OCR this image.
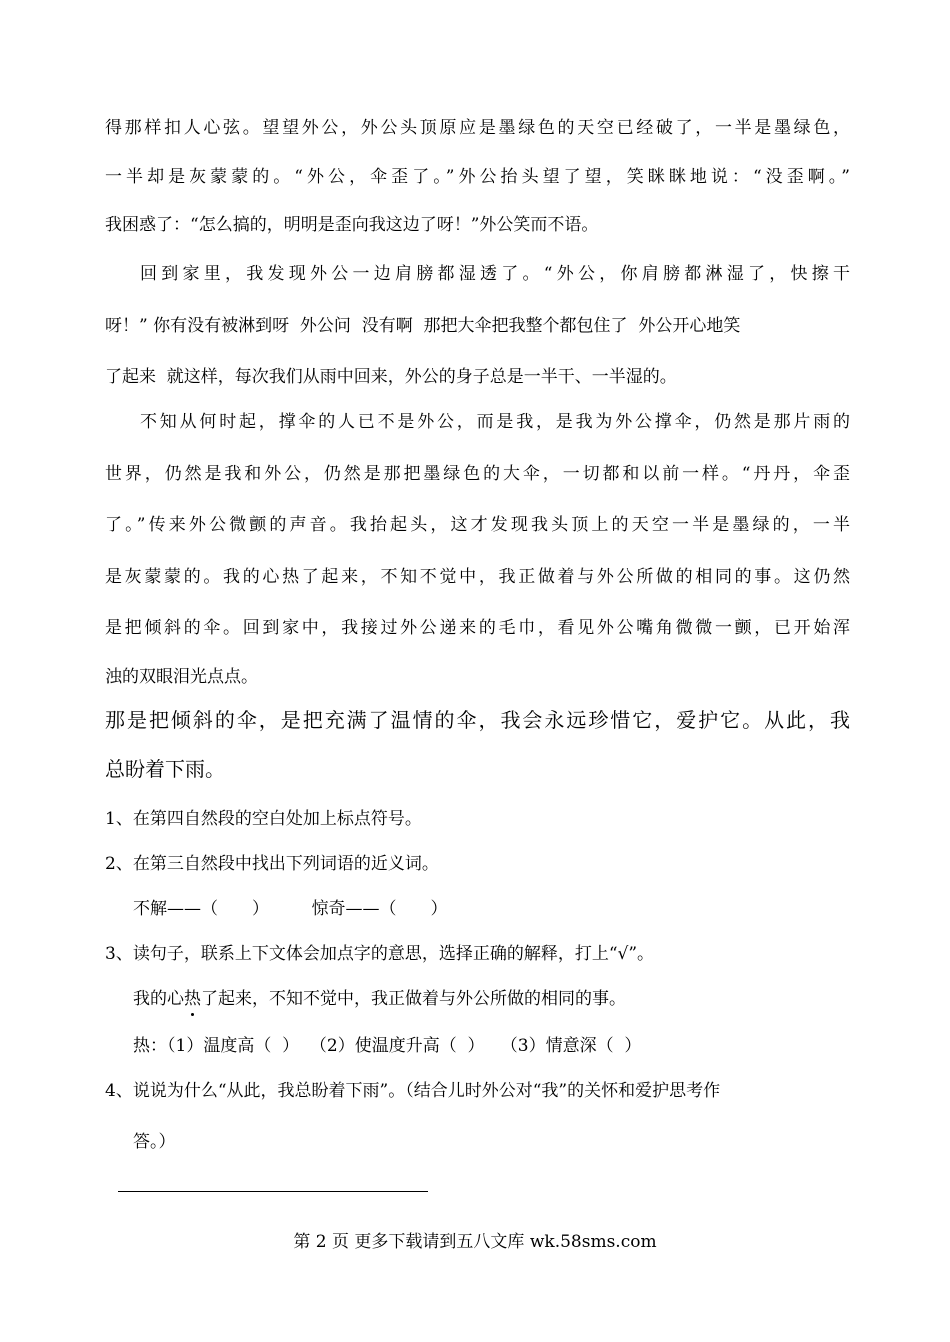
得那样扣人心弦。望望外公，外公头顶原应是墨绿色的天空已经破了，一半是墨绿色，
一半却是灰蒙蒙的。“外公，伞歪了。”外公抬头望了望，笑眯眯地说：“没歪啊。”
我困惑了：“怎么搞的，明明是歪向我这边了呀！”外公笑而不语。
回到家里，我发现外公一边肩膀都湿透了。“外公，你肩膀都淋湿了，快擦干
呀！” 你有没有被淋到呀  外公问  没有啊  那把大伞把我整个都包住了  外公开心地笑
了起来  就这样，每次我们从雨中回来，外公的身子总是一半干、一半湿的。
不知从何时起，撑伞的人已不是外公，而是我，是我为外公撑伞，仍然是那片雨的
世界，仍然是我和外公，仍然是那把墨绿色的大伞，一切都和以前一样。“丹丹，伞歪
了。”传来外公微颤的声音。我抬起头，这才发现我头顶上的天空一半是墨绿的，一半
是灰蒙蒙的。我的心热了起来，不知不觉中，我正做着与外公所做的相同的事。这仍然
是把倾斜的伞。回到家中，我接过外公递来的毛巾，看见外公嘴角微微一颤，已开始浑
浊的双眼泪光点点。
那是把倾斜的伞，是把充满了温情的伞，我会永远珍惜它，爱护它。从此，我
总盼着下雨。
1、在第四自然段的空白处加上标点符号。
2、在第三自然段中找出下列词语的近义词。
不解——（　　）　　　惊奇——（　　）
3、读句子，联系上下文体会加点字的意思，选择正确的解释，打上“√”。
我的心热了起来，不知不觉中，我正做着与外公所做的相同的事。
热：（1）温度高（  ）  （2）使温度升高（  ）   （3）情意深（  ）
4、说说为什么“从此，我总盼着下雨”。（结合儿时外公对“我”的关怀和爱护思考作
答。）
第 2 页 更多下载请到五八文库 wk.58sms.com
